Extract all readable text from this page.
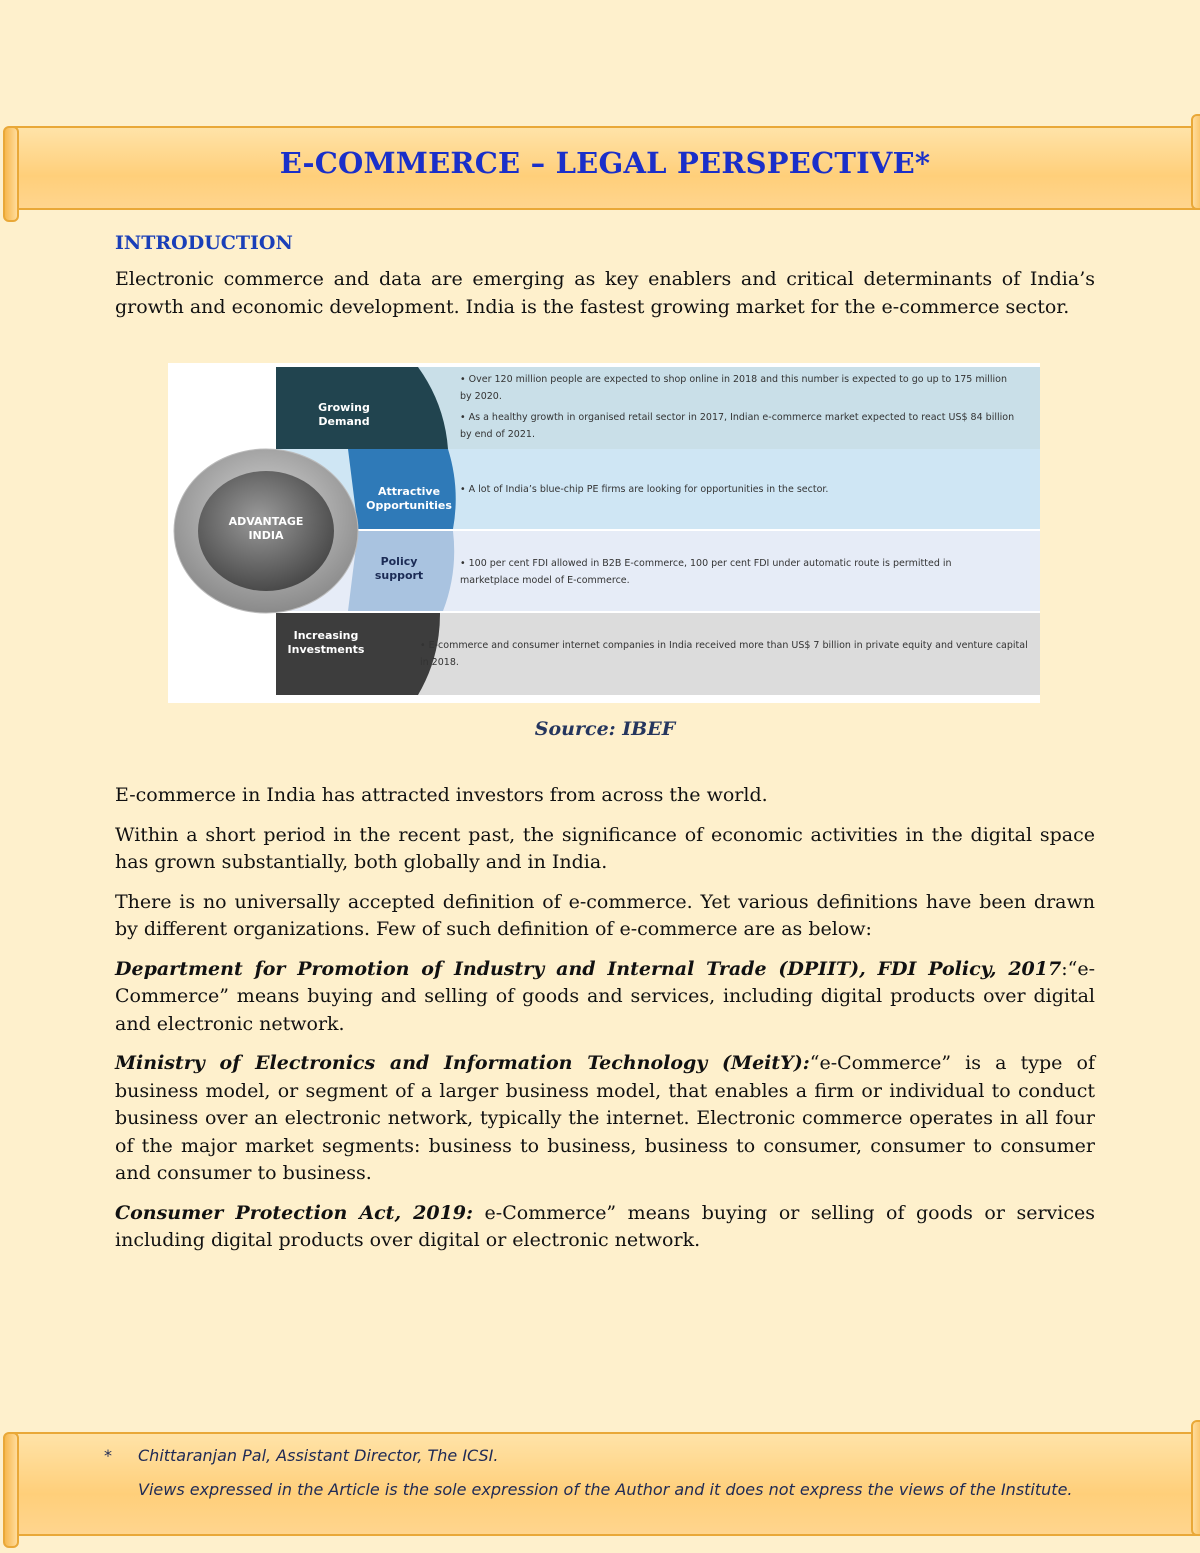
E-COMMERCE – LEGAL PERSPECTIVE*
INTRODUCTION

Electronic commerce and data are emerging as key enablers and critical determinants of India’s growth and economic development. India is the fastest growing market for the e-commerce sector.

ADVANTAGE INDIA
Growing Demand
Attractive Opportunities
Policy support
Increasing Investments
• Over 120 million people are expected to shop online in 2018 and this number is expected to go up to 175 million by 2020.
• As a healthy growth in organised retail sector in 2017, Indian e-commerce market expected to react US$ 84 billion by end of 2021.
• A lot of India’s blue-chip PE firms are looking for opportunities in the sector.
• 100 per cent FDI allowed in B2B E-commerce, 100 per cent FDI under automatic route is permitted in marketplace model of E-commerce.
• E-commerce and consumer internet companies in India received more than US$ 7 billion in private equity and venture capital in 2018.
Source: IBEF

E-commerce in India has attracted investors from across the world.

Within a short period in the recent past, the significance of economic activities in the digital space has grown substantially, both globally and in India.

There is no universally accepted definition of e-commerce. Yet various definitions have been drawn by different organizations. Few of such definition of e-commerce are as below:

Department for Promotion of Industry and Internal Trade (DPIIT), FDI Policy, 2017:“e-Commerce” means buying and selling of goods and services, including digital products over digital and electronic network.

Ministry of Electronics and Information Technology (MeitY):“e-Commerce” is a type of business model, or segment of a larger business model, that enables a firm or individual to conduct business over an electronic network, typically the internet. Electronic commerce operates in all four of the major market segments: business to business, business to consumer, consumer to consumer and consumer to business.

Consumer Protection Act, 2019: e-Commerce” means buying or selling of goods or services including digital products over digital or electronic network.

* Chittaranjan Pal, Assistant Director, The ICSI.
Views expressed in the Article is the sole expression of the Author and it does not express the views of the Institute.
